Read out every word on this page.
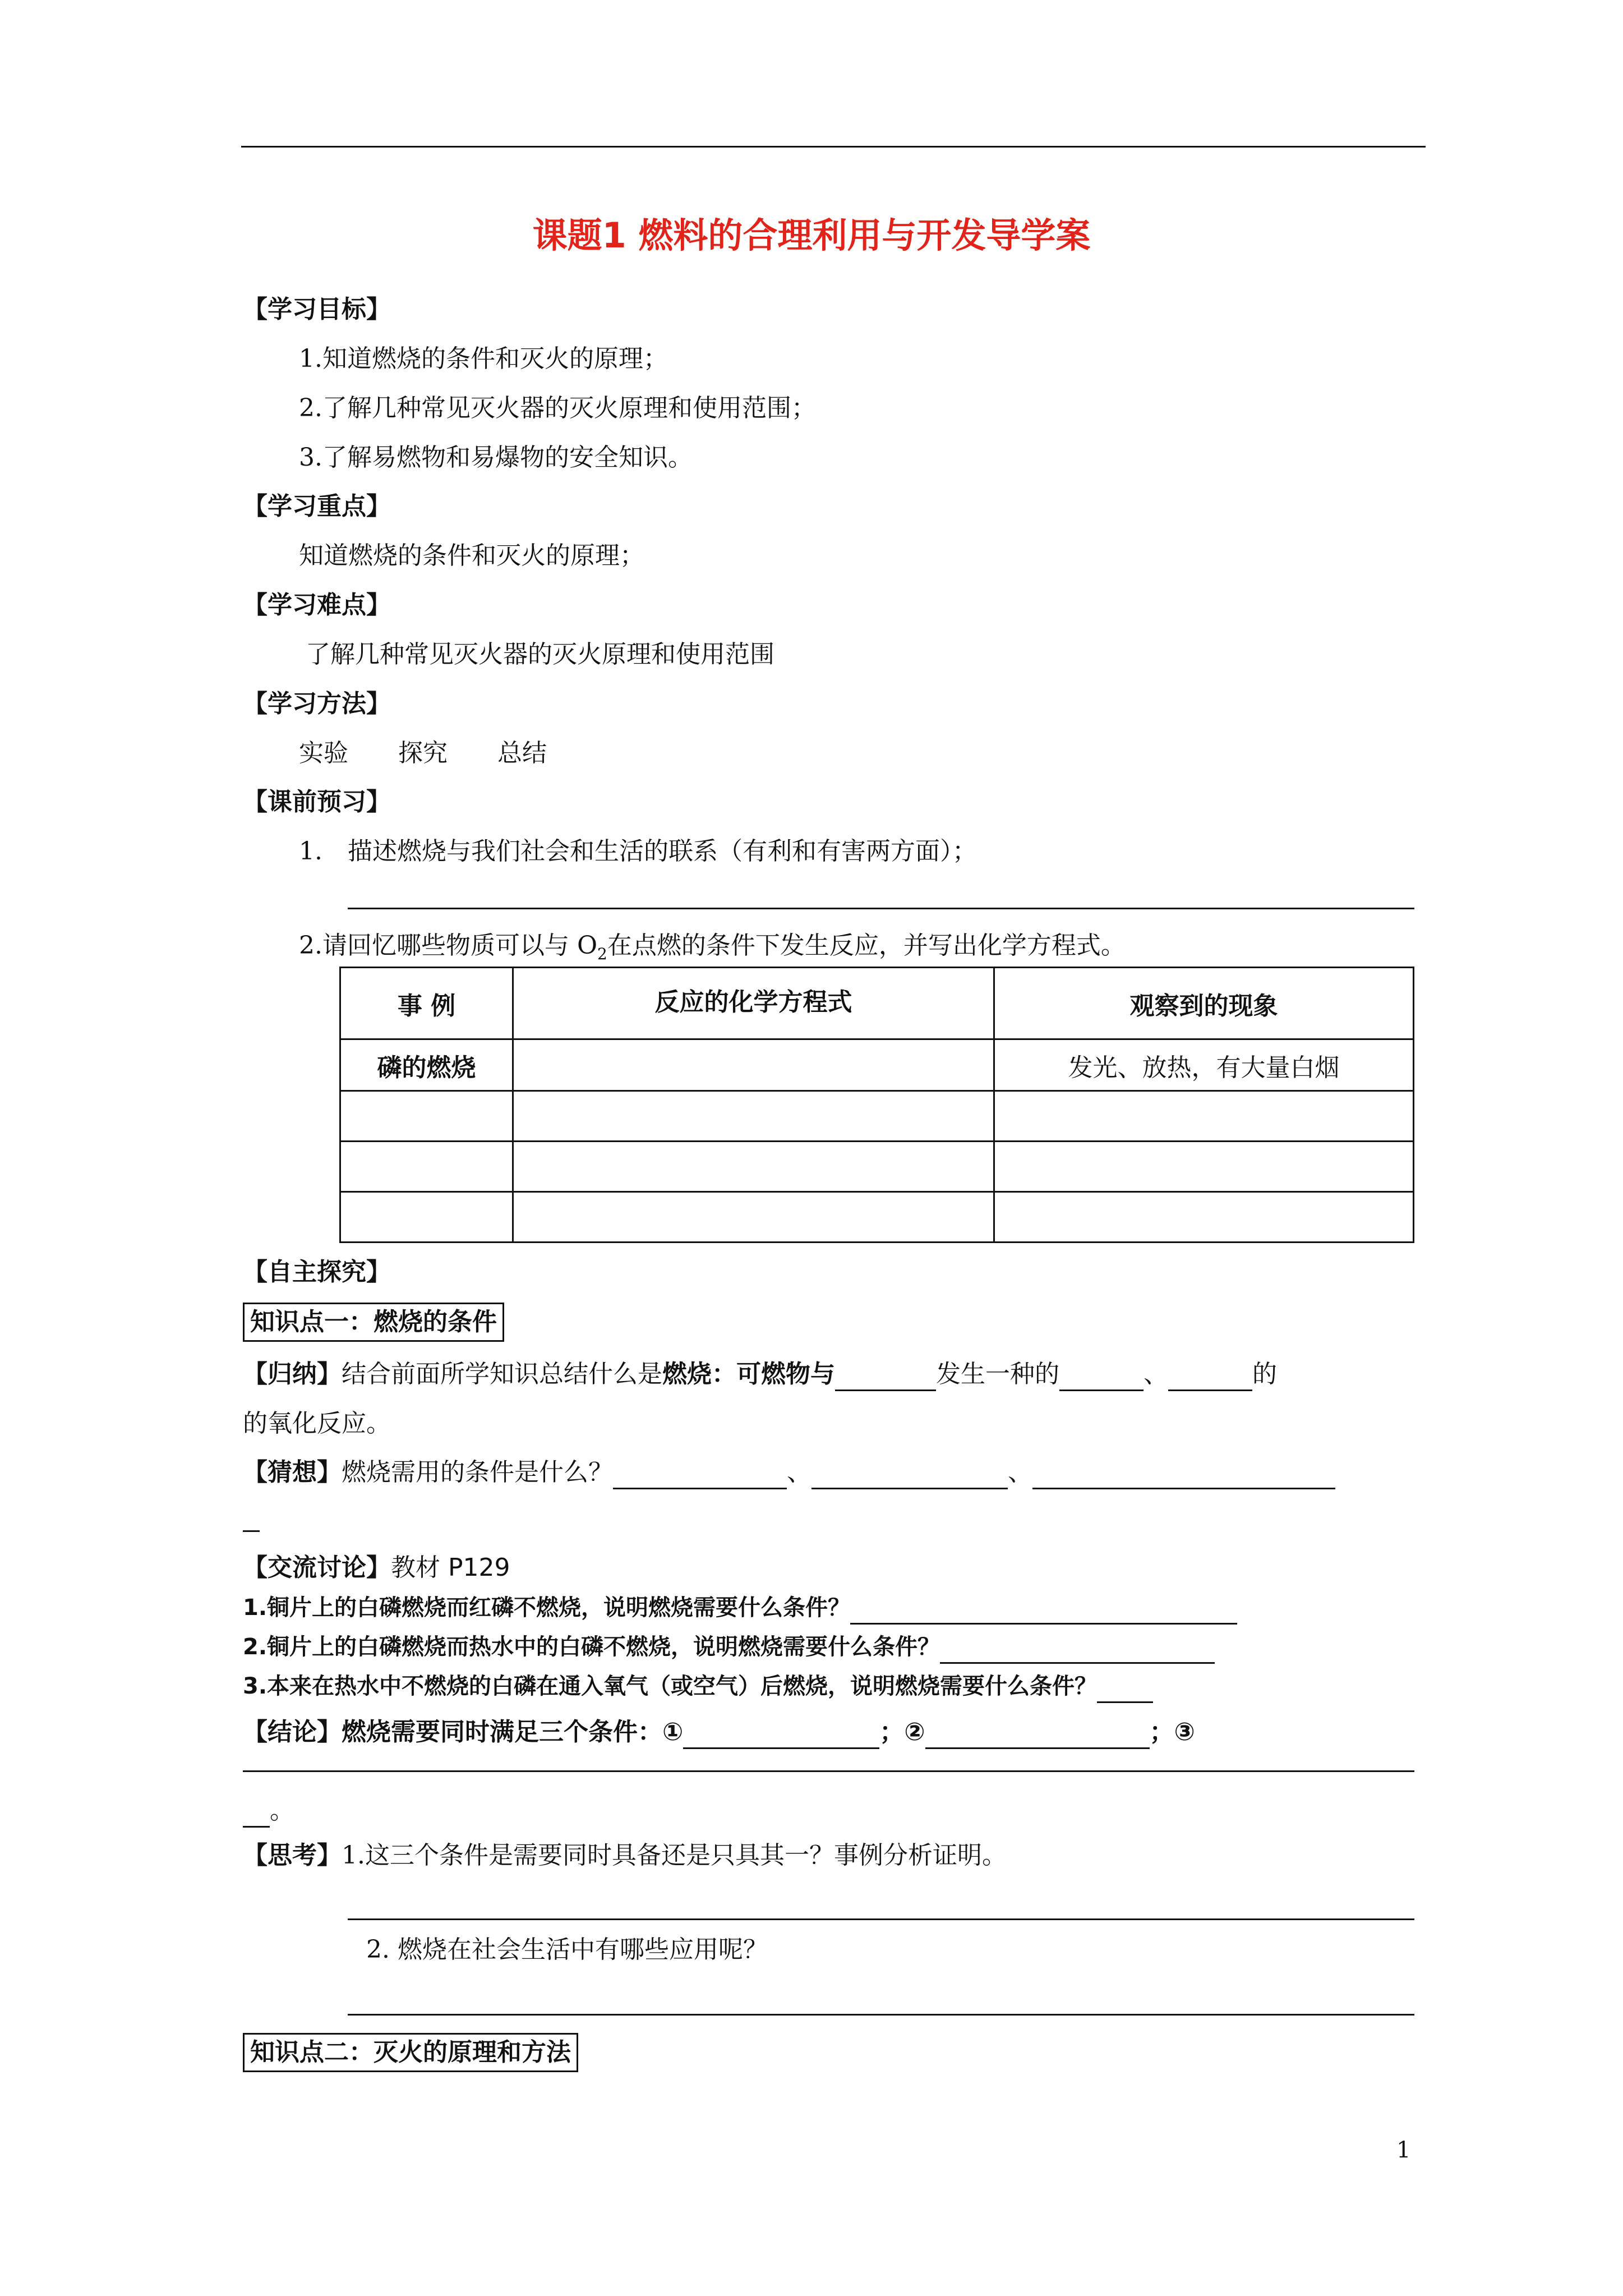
课题1 燃料的合理利用与开发导学案
【学习目标】
1.知道燃烧的条件和灭火的原理；
2.了解几种常见灭火器的灭火原理和使用范围；
3.了解易燃物和易爆物的安全知识。
【学习重点】
知道燃烧的条件和灭火的原理；
【学习难点】
了解几种常见灭火器的灭火原理和使用范围
【学习方法】
实验 探究 总结
【课前预习】
1. 描述燃烧与我们社会和生活的联系（有利和有害两方面）；
2.请回忆哪些物质可以与 $O_2$在点燃的条件下发生反应，并写出化学方程式。
事 例	反应的化学方程式	观察到的现象
磷的燃烧		发光、放热，有大量白烟

【自主探究】
知识点一：燃烧的条件
【归纳】结合前面所学知识总结什么是燃烧：可燃物与	发生一种的	、	的
的氧化反应。
【猜想】燃烧需用的条件是什么？	、	、
【交流讨论】教材 P129
1.铜片上的白磷燃烧而红磷不燃烧，说明燃烧需要什么条件？
2.铜片上的白磷燃烧而热水中的白磷不燃烧，说明燃烧需要什么条件？
3.本来在热水中不燃烧的白磷在通入氧气（或空气）后燃烧，说明燃烧需要什么条件？
【结论】燃烧需要同时满足三个条件：①	；②	；③
。
【思考】1.这三个条件是需要同时具备还是只具其一？事例分析证明。
2. 燃烧在社会生活中有哪些应用呢？
知识点二：灭火的原理和方法
1
